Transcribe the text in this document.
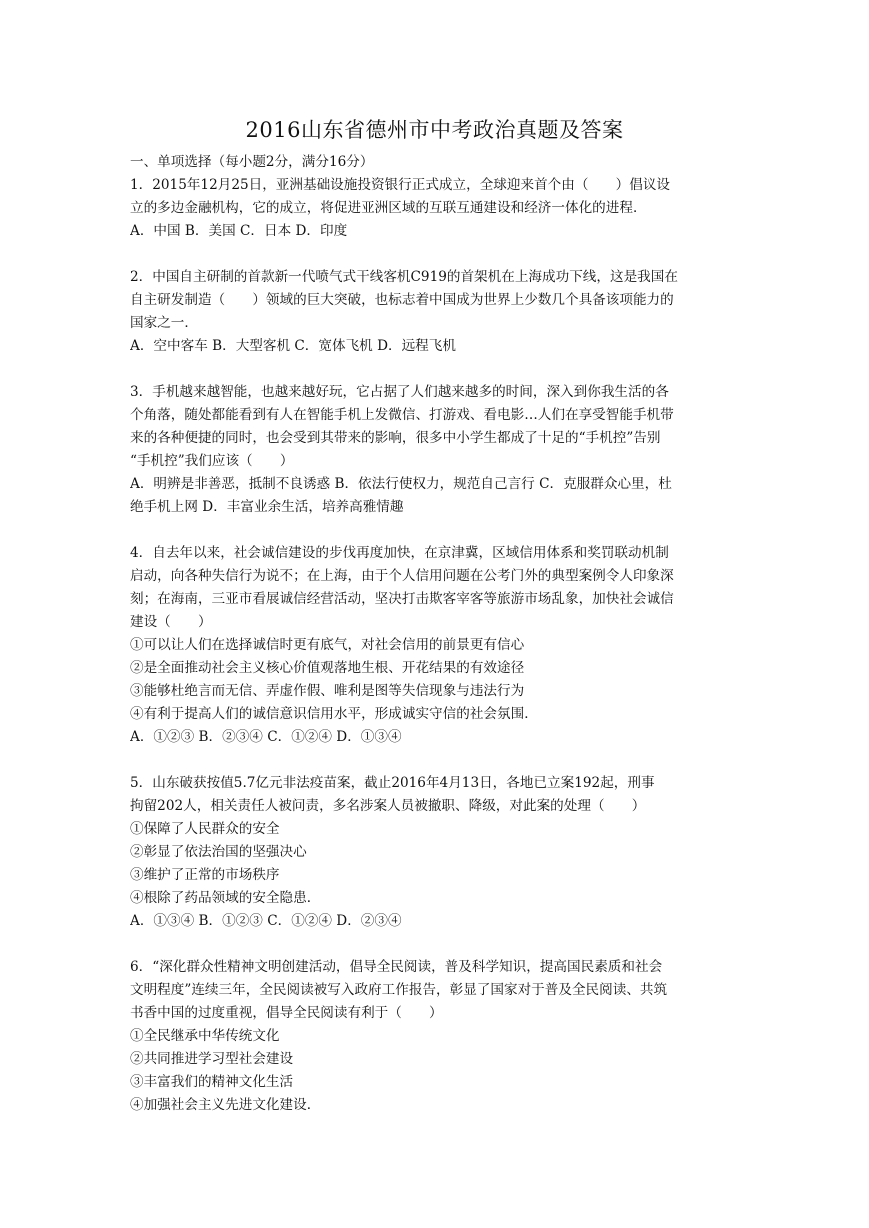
2016山东省德州市中考政治真题及答案
一、单项选择（每小题2分，满分16分）
1．2015年12月25日，亚洲基础设施投资银行正式成立，全球迎来首个由（　　）倡议设
立的多边金融机构，它的成立，将促进亚洲区域的互联互通建设和经济一体化的进程．
A．中国 B．美国 C．日本 D．印度
2．中国自主研制的首款新一代喷气式干线客机C919的首架机在上海成功下线，这是我国在
自主研发制造（　　）领域的巨大突破，也标志着中国成为世界上少数几个具备该项能力的
国家之一．
A．空中客车 B．大型客机 C．宽体飞机 D．远程飞机
3．手机越来越智能，也越来越好玩，它占据了人们越来越多的时间，深入到你我生活的各
个角落，随处都能看到有人在智能手机上发微信、打游戏、看电影…人们在享受智能手机带
来的各种便捷的同时，也会受到其带来的影响，很多中小学生都成了十足的“手机控”告别
“手机控”我们应该（　　）
A．明辨是非善恶，抵制不良诱惑 B．依法行使权力，规范自己言行 C．克服群众心里，杜
绝手机上网 D．丰富业余生活，培养高雅情趣
4．自去年以来，社会诚信建设的步伐再度加快，在京津冀，区域信用体系和奖罚联动机制
启动，向各种失信行为说不；在上海，由于个人信用问题在公考门外的典型案例令人印象深
刻；在海南，三亚市看展诚信经营活动，坚决打击欺客宰客等旅游市场乱象，加快社会诚信
建设（　　）
①可以让人们在选择诚信时更有底气，对社会信用的前景更有信心
②是全面推动社会主义核心价值观落地生根、开花结果的有效途径
③能够杜绝言而无信、弄虚作假、唯利是图等失信现象与违法行为
④有利于提高人们的诚信意识信用水平，形成诚实守信的社会氛围．
A．①②③ B．②③④ C．①②④ D．①③④
5．山东破获按值5.7亿元非法疫苗案，截止2016年4月13日，各地已立案192起，刑事
拘留202人，相关责任人被问责，多名涉案人员被撤职、降级，对此案的处理（　　）
①保障了人民群众的安全
②彰显了依法治国的坚强决心
③维护了正常的市场秩序
④根除了药品领域的安全隐患．
A．①③④ B．①②③ C．①②④ D．②③④
6．“深化群众性精神文明创建活动，倡导全民阅读，普及科学知识，提高国民素质和社会
文明程度”连续三年，全民阅读被写入政府工作报告，彰显了国家对于普及全民阅读、共筑
书香中国的过度重视，倡导全民阅读有利于（　　）
①全民继承中华传统文化
②共同推进学习型社会建设
③丰富我们的精神文化生活
④加强社会主义先进文化建设．
